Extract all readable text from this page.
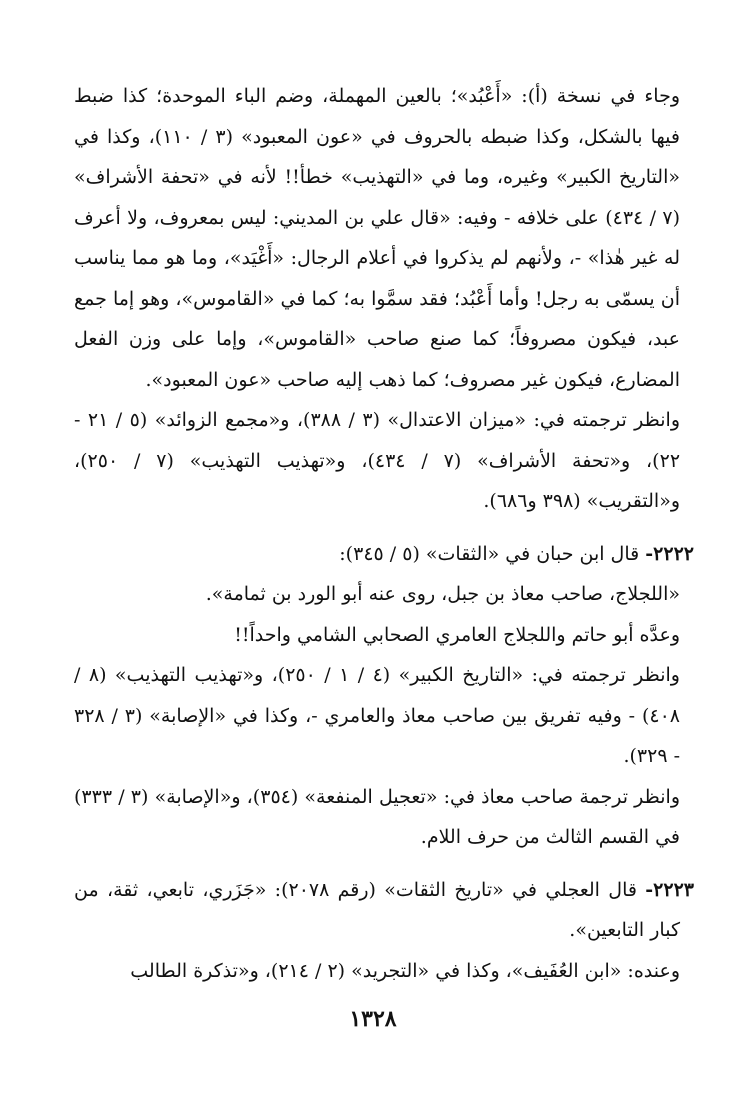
وجاء في نسخة (أ): «أَعْبُد»؛ بالعين المهملة، وضم الباء الموحدة؛ كذا ضبط فيها بالشكل، وكذا ضبطه بالحروف في «عون المعبود» (٣ / ١١٠)، وكذا في «التاريخ الكبير» وغيره، وما في «التهذيب» خطأ!! لأنه في «تحفة الأشراف» (٧ / ٤٣٤) على خلافه - وفيه: «قال علي بن المديني: ليس بمعروف، ولا أعرف له غير هٰذا» -، ولأنهم لم يذكروا في أعلام الرجال: «أَغْيَد»، وما هو مما يناسب أن يسمّى به رجل! وأما أَعْبُد؛ فقد سمَّوا به؛ كما في «القاموس»، وهو إما جمع عبد، فيكون مصروفاً؛ كما صنع صاحب «القاموس»، وإما على وزن الفعل المضارع، فيكون غير مصروف؛ كما ذهب إليه صاحب «عون المعبود».

وانظر ترجمته في: «ميزان الاعتدال» (٣ / ٣٨٨)، و«مجمع الزوائد» (٥ / ٢١ - ٢٢)، و«تحفة الأشراف» (٧ / ٤٣٤)، و«تهذيب التهذيب» (٧ / ٢٥٠)، و«التقريب» (٣٩٨ و٦٨٦).

٢٢٢٢- قال ابن حبان في «الثقات» (٥ / ٣٤٥):

«اللجلاج، صاحب معاذ بن جبل، روى عنه أبو الورد بن ثمامة».

وعدَّه أبو حاتم واللجلاج العامري الصحابي الشامي واحداً!!

وانظر ترجمته في: «التاريخ الكبير» (٤ / ١ / ٢٥٠)، و«تهذيب التهذيب» (٨ / ٤٠٨) - وفيه تفريق بين صاحب معاذ والعامري -، وكذا في «الإصابة» (٣ / ٣٢٨ - ٣٢٩).

وانظر ترجمة صاحب معاذ في: «تعجيل المنفعة» (٣٥٤)، و«الإصابة» (٣ / ٣٣٣) في القسم الثالث من حرف اللام.

٢٢٢٣- قال العجلي في «تاريخ الثقات» (رقم ٢٠٧٨): «جَزَري، تابعي، ثقة، من كبار التابعين».

وعنده: «ابن العُفَيف»، وكذا في «التجريد» (٢ / ٢١٤)، و«تذكرة الطالب

١٣٢٨
